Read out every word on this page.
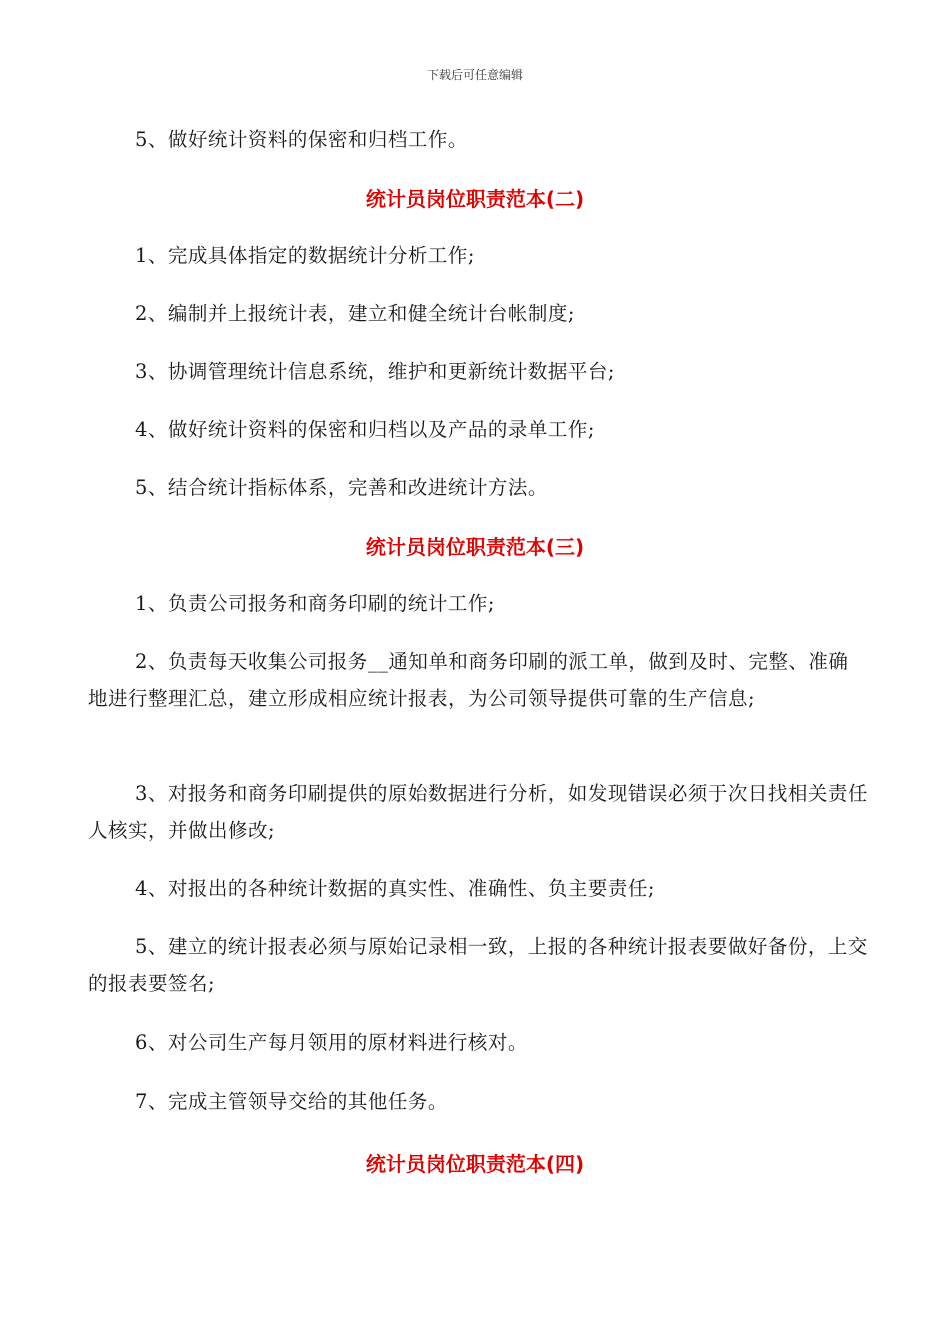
下载后可任意编辑
5、做好统计资料的保密和归档工作。
统计员岗位职责范本(二)
1、完成具体指定的数据统计分析工作;
2、编制并上报统计表，建立和健全统计台帐制度;
3、协调管理统计信息系统，维护和更新统计数据平台;
4、做好统计资料的保密和归档以及产品的录单工作;
5、结合统计指标体系，完善和改进统计方法。
统计员岗位职责范本(三)
1、负责公司报务和商务印刷的统计工作;
2、负责每天收集公司报务__通知单和商务印刷的派工单，做到及时、完整、准确地进行整理汇总，建立形成相应统计报表，为公司领导提供可靠的生产信息;
3、对报务和商务印刷提供的原始数据进行分析，如发现错误必须于次日找相关责任人核实，并做出修改;
4、对报出的各种统计数据的真实性、准确性、负主要责任;
5、建立的统计报表必须与原始记录相一致，上报的各种统计报表要做好备份，上交的报表要签名;
6、对公司生产每月领用的原材料进行核对。
7、完成主管领导交给的其他任务。
统计员岗位职责范本(四)
